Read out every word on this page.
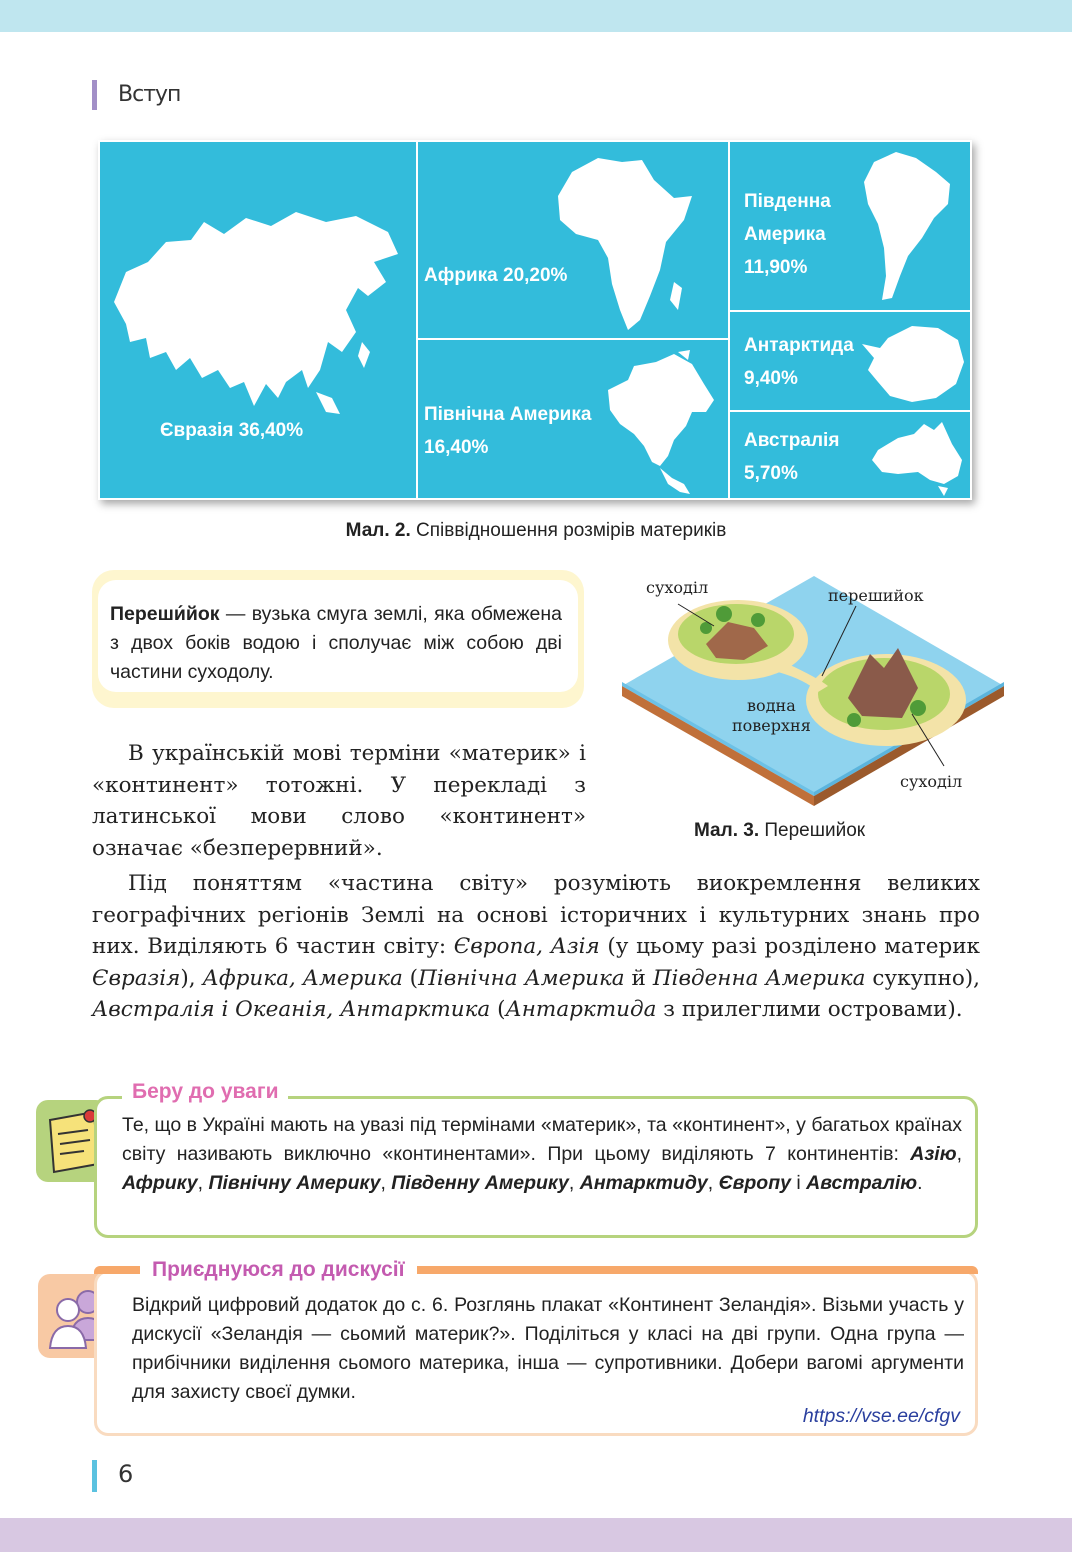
Вступ
Євразія 36,40%
Африка 20,20%
Північна Америка
16,40%
Південна
Америка
11,90%
Антарктида
9,40%
Австралія
5,70%
Мал. 2. Співвідношення розмірів материків
Переши́йок — вузька смуга землі, яка обмежена з двох боків водою і сполучає між собою дві частини суходолу.
суходіл	перешийок
водна
поверхня
суходіл
Мал. 3. Перешийок
В українській мові терміни «материк» і «континент» тотожні. У перекладі з латинської мови слово «континент» означає «безперервний».
Під поняттям «частина світу» розуміють виокремлення великих географічних регіонів Землі на основі історичних і культурних знань про них. Виділяють 6 частин світу: Європа, Азія (у цьому разі розділено материк Євразія), Африка, Америка (Північна Америка й Південна Америка сукупно), Австралія і Океанія, Антарктика (Антарктида з прилеглими островами).
Беру до уваги
Те, що в Україні мають на увазі під термінами «материк», та «континент», у багатьох країнах світу називають виключно «континентами». При цьому виділяють 7 континентів: Азію, Африку, Північну Америку, Південну Америку, Антарктиду, Європу і Австралію.
Приєднуюся до дискусії
Відкрий цифровий додаток до с. 6. Розглянь плакат «Континент Зеландія». Візьми участь у дискусії «Зеландія — сьомий материк?». Поділіться у класі на дві групи. Одна група — прибічники виділення сьомого материка, інша — супротивники. Добери вагомі аргументи для захисту своєї думки.
https://vse.ee/cfgv
6
